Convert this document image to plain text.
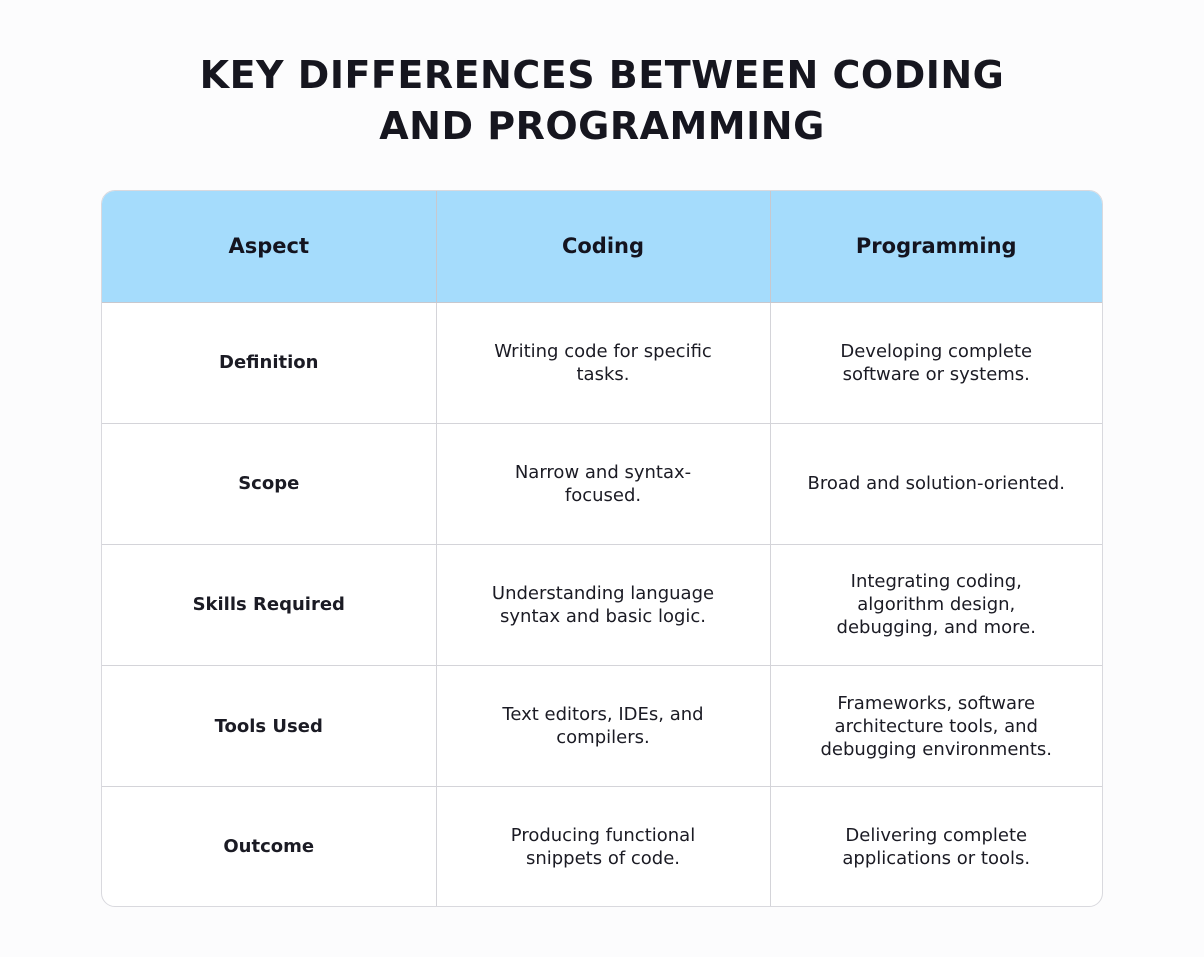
KEY DIFFERENCES BETWEEN CODING
AND PROGRAMMING
Aspect	Coding	Programming
Definition	Writing code for specific tasks.	Developing complete software or systems.
Scope	Narrow and syntax-focused.	Broad and solution-oriented.
Skills Required	Understanding language syntax and basic logic.	Integrating coding, algorithm design, debugging, and more.
Tools Used	Text editors, IDEs, and compilers.	Frameworks, software architecture tools, and debugging environments.
Outcome	Producing functional snippets of code.	Delivering complete applications or tools.
